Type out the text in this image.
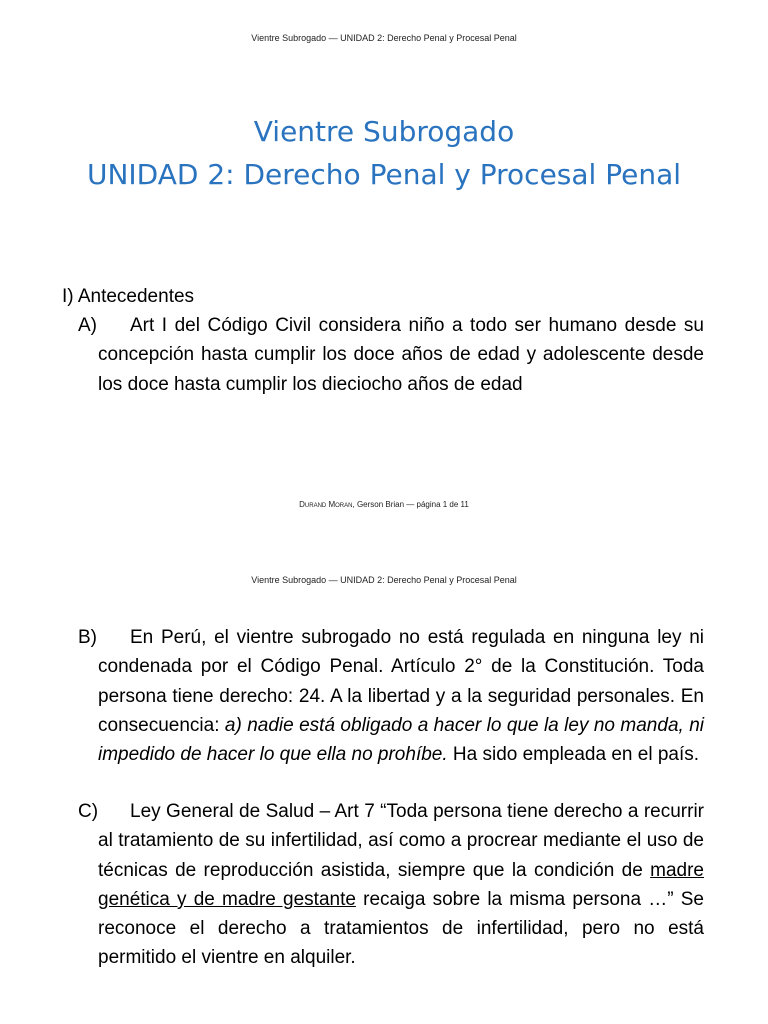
Vientre Subrogado — UNIDAD 2: Derecho Penal y Procesal Penal
Vientre Subrogado
UNIDAD 2: Derecho Penal y Procesal Penal
I) Antecedentes
A)	Art I del Código Civil considera niño a todo ser humano desde su concepción hasta cumplir los doce años de edad y adolescente desde los doce hasta cumplir los dieciocho años de edad
Durand Moran, Gerson Brian — página 1 de 11
Vientre Subrogado — UNIDAD 2: Derecho Penal y Procesal Penal
B)	En Perú, el vientre subrogado no está regulada en ninguna ley ni condenada por el Código Penal. Artículo 2° de la Constitución. Toda persona tiene derecho: 24. A la libertad y a la seguridad personales. En consecuencia: a) nadie está obligado a hacer lo que la ley no manda, ni impedido de hacer lo que ella no prohíbe. Ha sido empleada en el país.
C)	Ley General de Salud – Art 7 “Toda persona tiene derecho a recurrir al tratamiento de su infertilidad, así como a procrear mediante el uso de técnicas de reproducción asistida, siempre que la condición de madre genética y de madre gestante recaiga sobre la misma persona …” Se reconoce el derecho a tratamientos de infertilidad, pero no está permitido el vientre en alquiler.
